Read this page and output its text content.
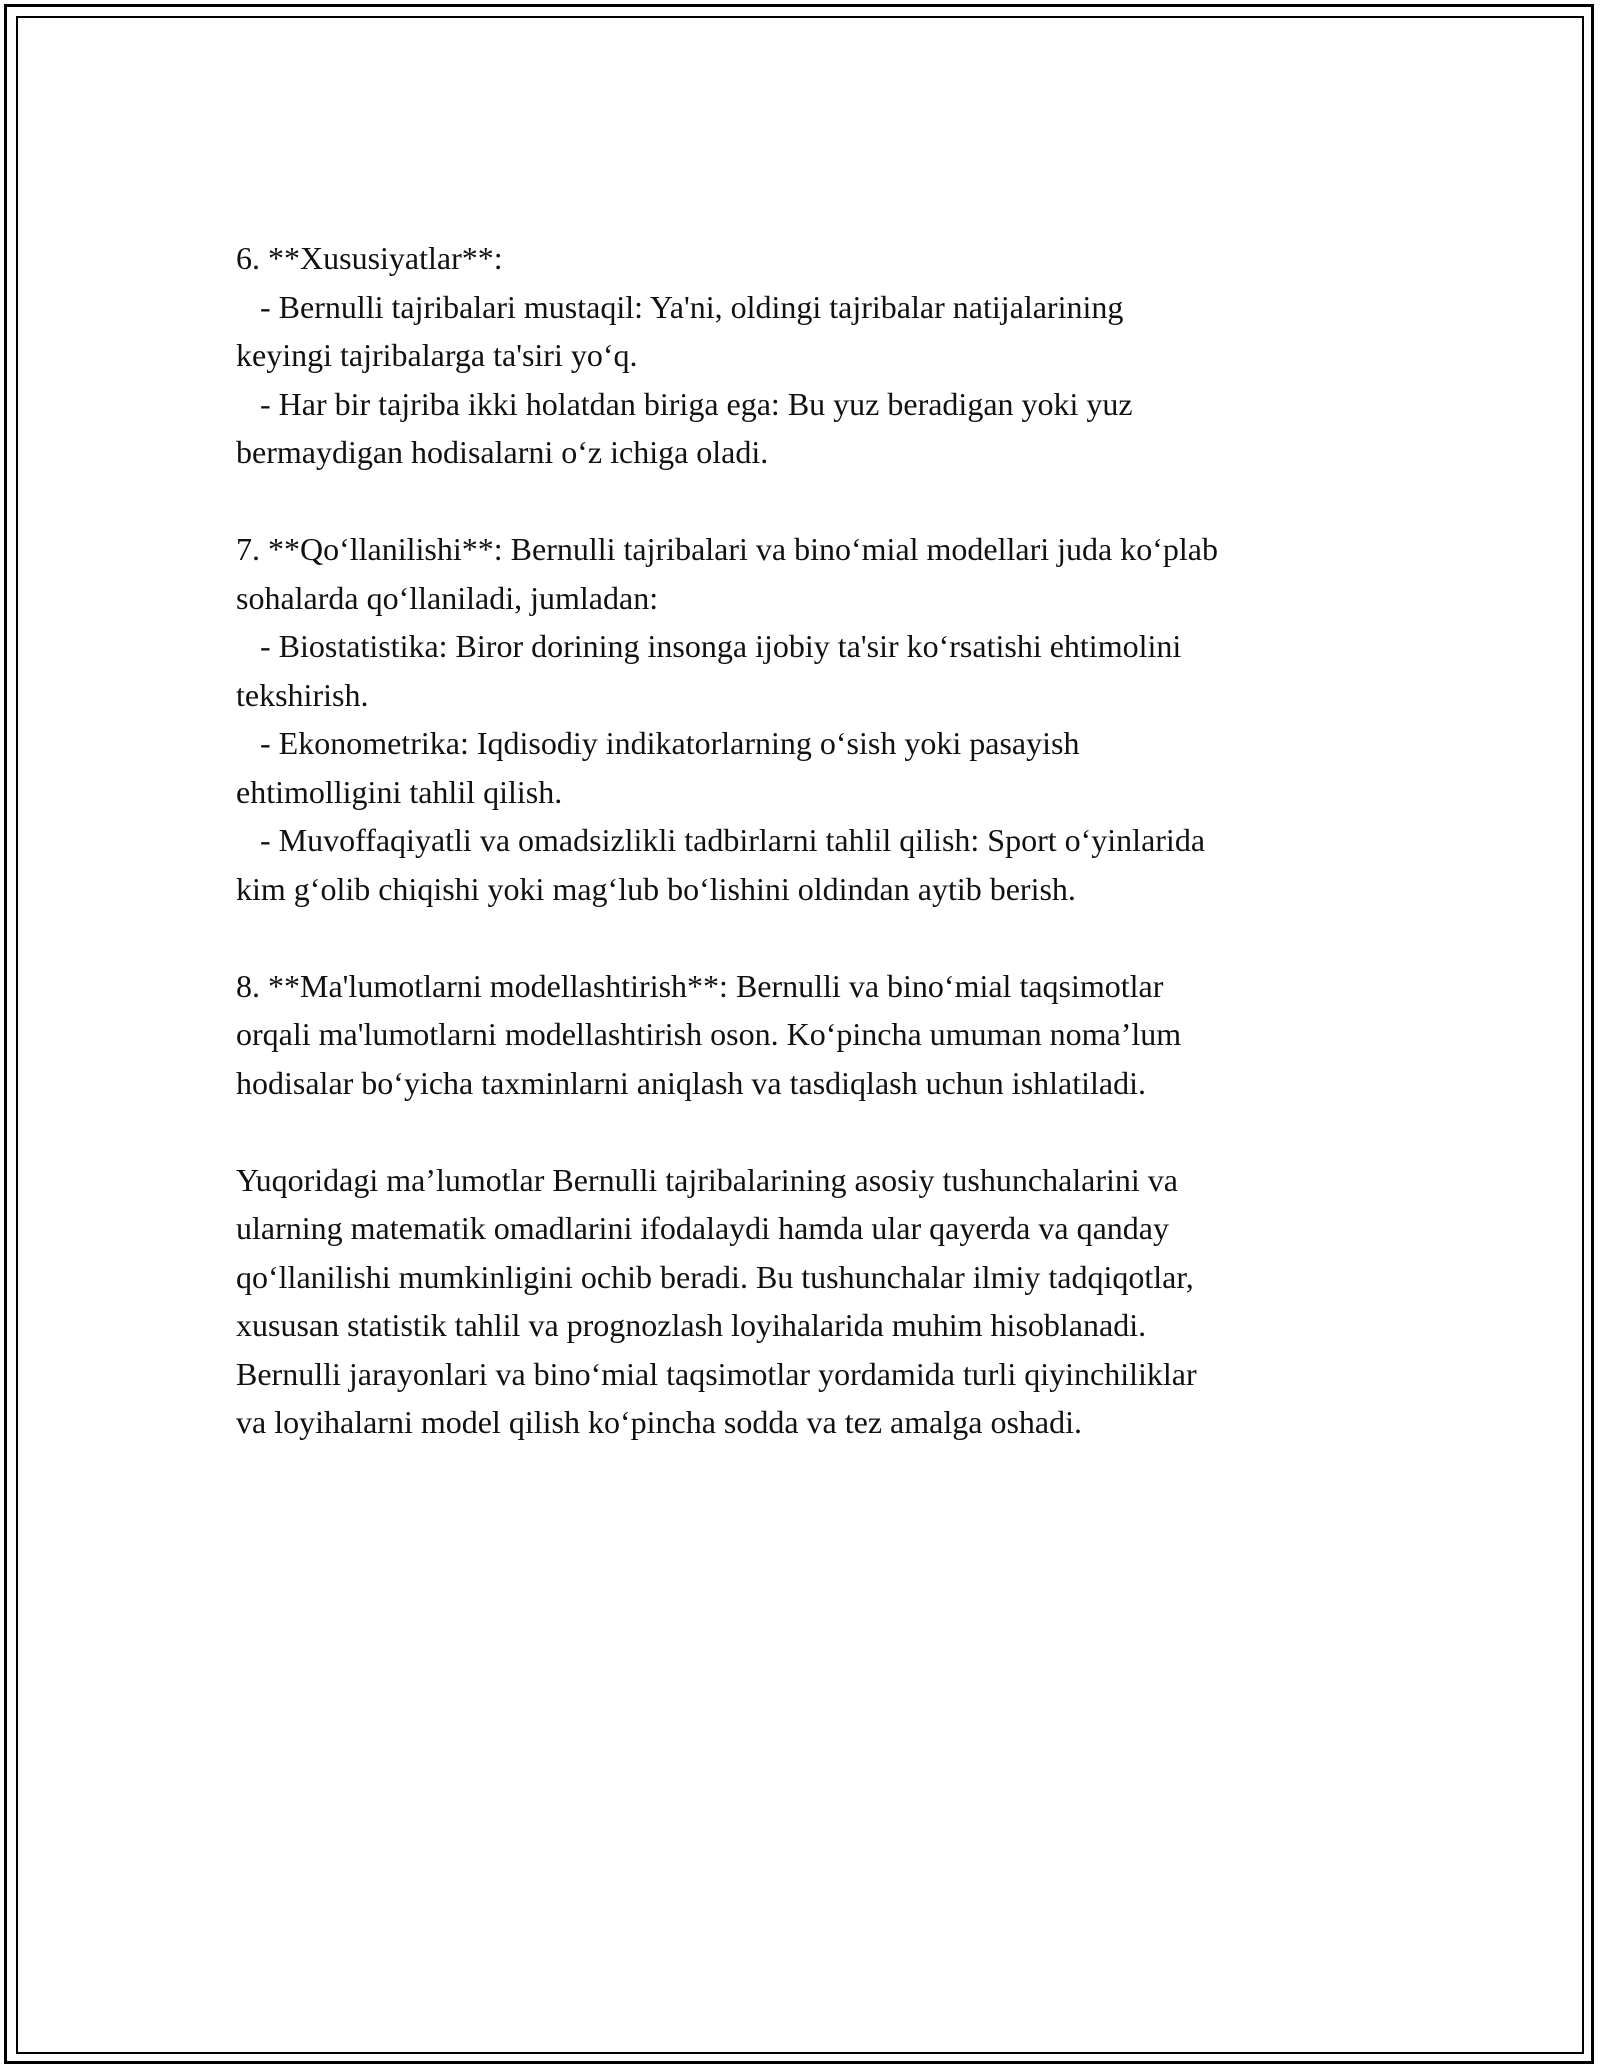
6. **Xususiyatlar**:
- Bernulli tajribalari mustaqil: Ya'ni, oldingi tajribalar natijalarining
keyingi tajribalarga ta'siri yo‘q.
- Har bir tajriba ikki holatdan biriga ega: Bu yuz beradigan yoki yuz
bermaydigan hodisalarni o‘z ichiga oladi.
7. **Qo‘llanilishi**: Bernulli tajribalari va bino‘mial modellari juda ko‘plab
sohalarda qo‘llaniladi, jumladan:
- Biostatistika: Biror dorining insonga ijobiy ta'sir ko‘rsatishi ehtimolini
tekshirish.
- Ekonometrika: Iqdisodiy indikatorlarning o‘sish yoki pasayish
ehtimolligini tahlil qilish.
- Muvoffaqiyatli va omadsizlikli tadbirlarni tahlil qilish: Sport o‘yinlarida
kim g‘olib chiqishi yoki mag‘lub bo‘lishini oldindan aytib berish.
8. **Ma'lumotlarni modellashtirish**: Bernulli va bino‘mial taqsimotlar
orqali ma'lumotlarni modellashtirish oson. Ko‘pincha umuman noma’lum
hodisalar bo‘yicha taxminlarni aniqlash va tasdiqlash uchun ishlatiladi.
Yuqoridagi ma’lumotlar Bernulli tajribalarining asosiy tushunchalarini va
ularning matematik omadlarini ifodalaydi hamda ular qayerda va qanday
qo‘llanilishi mumkinligini ochib beradi. Bu tushunchalar ilmiy tadqiqotlar,
xususan statistik tahlil va prognozlash loyihalarida muhim hisoblanadi.
Bernulli jarayonlari va bino‘mial taqsimotlar yordamida turli qiyinchiliklar
va loyihalarni model qilish ko‘pincha sodda va tez amalga oshadi.
